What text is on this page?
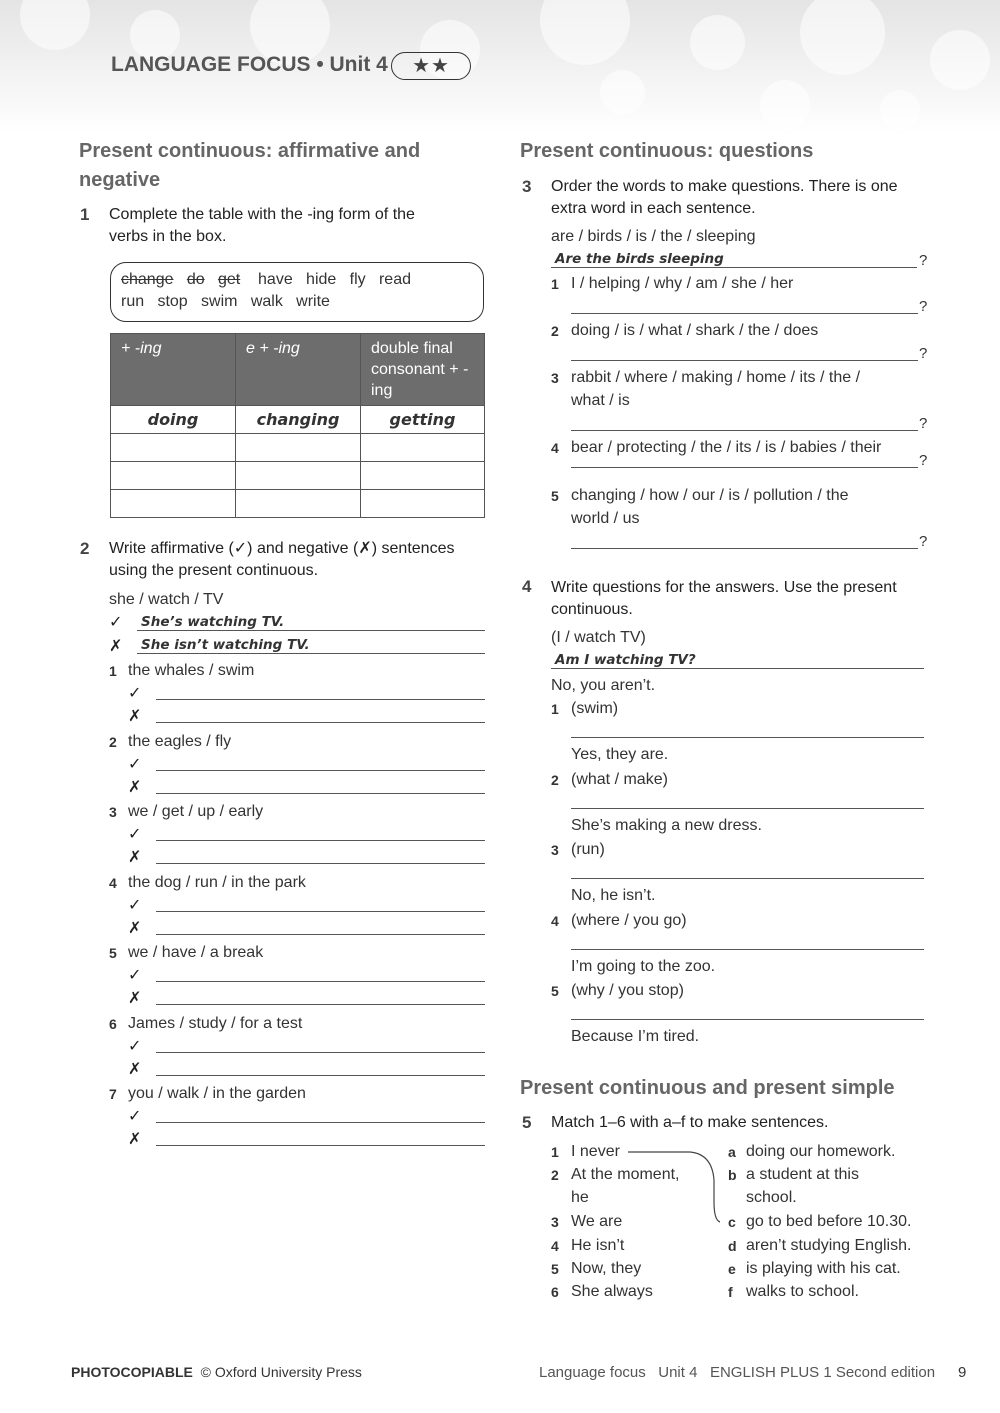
LANGUAGE FOCUS • Unit 4	★★
Present continuous: affirmative and
negative
1 Complete the table with the -ing form of the
verbs in the box.
change do get have   hide   fly   read
run   stop   swim   walk   write
+ -ing	e + -ing	double final consonant + -ing
doing	changing	getting

2 Write affirmative (✓) and negative (✗) sentences
using the present continuous.
she / watch / TV
✓ She’s watching TV.
✗ She isn’t watching TV.
1 the whales / swim
✓
✗
2 the eagles / fly
✓
✗
3 we / get / up / early
✓
✗
4 the dog / run / in the park
✓
✗
5 we / have / a break
✓
✗
6 James / study / for a test
✓
✗
7 you / walk / in the garden
✓
✗
Present continuous: questions
3 Order the words to make questions. There is one
extra word in each sentence.
are / birds / is / the / sleeping
Are the birds sleeping	?
1 I / helping / why / am / she / her
?
2 doing / is / what / shark / the / does
?
3 rabbit / where / making / home / its / the /
what / is
?
4 bear / protecting / the / its / is / babies / their
?
5 changing / how / our / is / pollution / the
world / us
?
4 Write questions for the answers. Use the present
continuous.
(I / watch TV)
Am I watching TV?
No, you aren’t.
1 (swim)
Yes, they are.
2 (what / make)
She’s making a new dress.
3 (run)
No, he isn’t.
4 (where / you go)
I’m going to the zoo.
5 (why / you stop)
Because I’m tired.
Present continuous and present simple
5 Match 1–6 with a–f to make sentences.
1 I never
2 At the moment,
he
3 We are
4 He isn’t
5 Now, they
6 She always
a doing our homework.
b a student at this
school.
c go to bed before 10.30.
d aren’t studying English.
e is playing with his cat.
f walks to school.
PHOTOCOPIABLE © Oxford University Press	Language focus   Unit 4   ENGLISH PLUS 1 Second edition 9
